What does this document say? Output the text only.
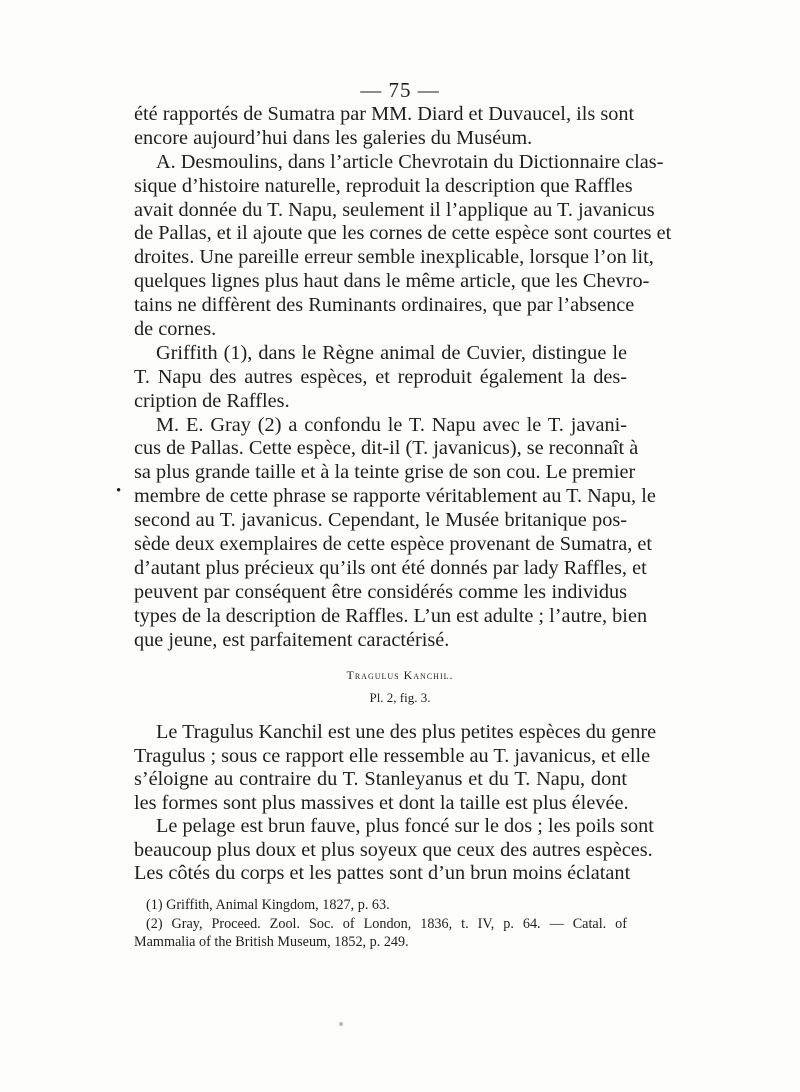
— 75 —
été rapportés de Sumatra par MM. Diard et Duvaucel, ils sont
encore aujourd’hui dans les galeries du Muséum.
A. Desmoulins, dans l’article Chevrotain du Dictionnaire clas-
sique d’histoire naturelle, reproduit la description que Raffles
avait donnée du T. Napu, seulement il l’applique au T. javanicus
de Pallas, et il ajoute que les cornes de cette espèce sont courtes et
droites. Une pareille erreur semble inexplicable, lorsque l’on lit,
quelques lignes plus haut dans le même article, que les Chevro-
tains ne diffèrent des Ruminants ordinaires, que par l’absence
de cornes.
Griffith (1), dans le Règne animal de Cuvier, distingue le
T. Napu des autres espèces, et reproduit également la des-
cription de Raffles.
M. E. Gray (2) a confondu le T. Napu avec le T. javani-
cus de Pallas. Cette espèce, dit-il (T. javanicus), se reconnaît à
sa plus grande taille et à la teinte grise de son cou. Le premier
membre de cette phrase se rapporte véritablement au T. Napu, le
second au T. javanicus. Cependant, le Musée britanique pos-
sède deux exemplaires de cette espèce provenant de Sumatra, et
d’autant plus précieux qu’ils ont été donnés par lady Raffles, et
peuvent par conséquent être considérés comme les individus
types de la description de Raffles. L’un est adulte ; l’autre, bien
que jeune, est parfaitement caractérisé.
•
Tragulus Kanchil.
Pl. 2, fig. 3.
Le Tragulus Kanchil est une des plus petites espèces du genre
Tragulus ; sous ce rapport elle ressemble au T. javanicus, et elle
s’éloigne au contraire du T. Stanleyanus et du T. Napu, dont
les formes sont plus massives et dont la taille est plus élevée.
Le pelage est brun fauve, plus foncé sur le dos ; les poils sont
beaucoup plus doux et plus soyeux que ceux des autres espèces.
Les côtés du corps et les pattes sont d’un brun moins éclatant
(1) Griffith, Animal Kingdom, 1827, p. 63.
(2) Gray, Proceed. Zool. Soc. of London, 1836, t. IV, p. 64. — Catal. of
Mammalia of the British Museum, 1852, p. 249.
